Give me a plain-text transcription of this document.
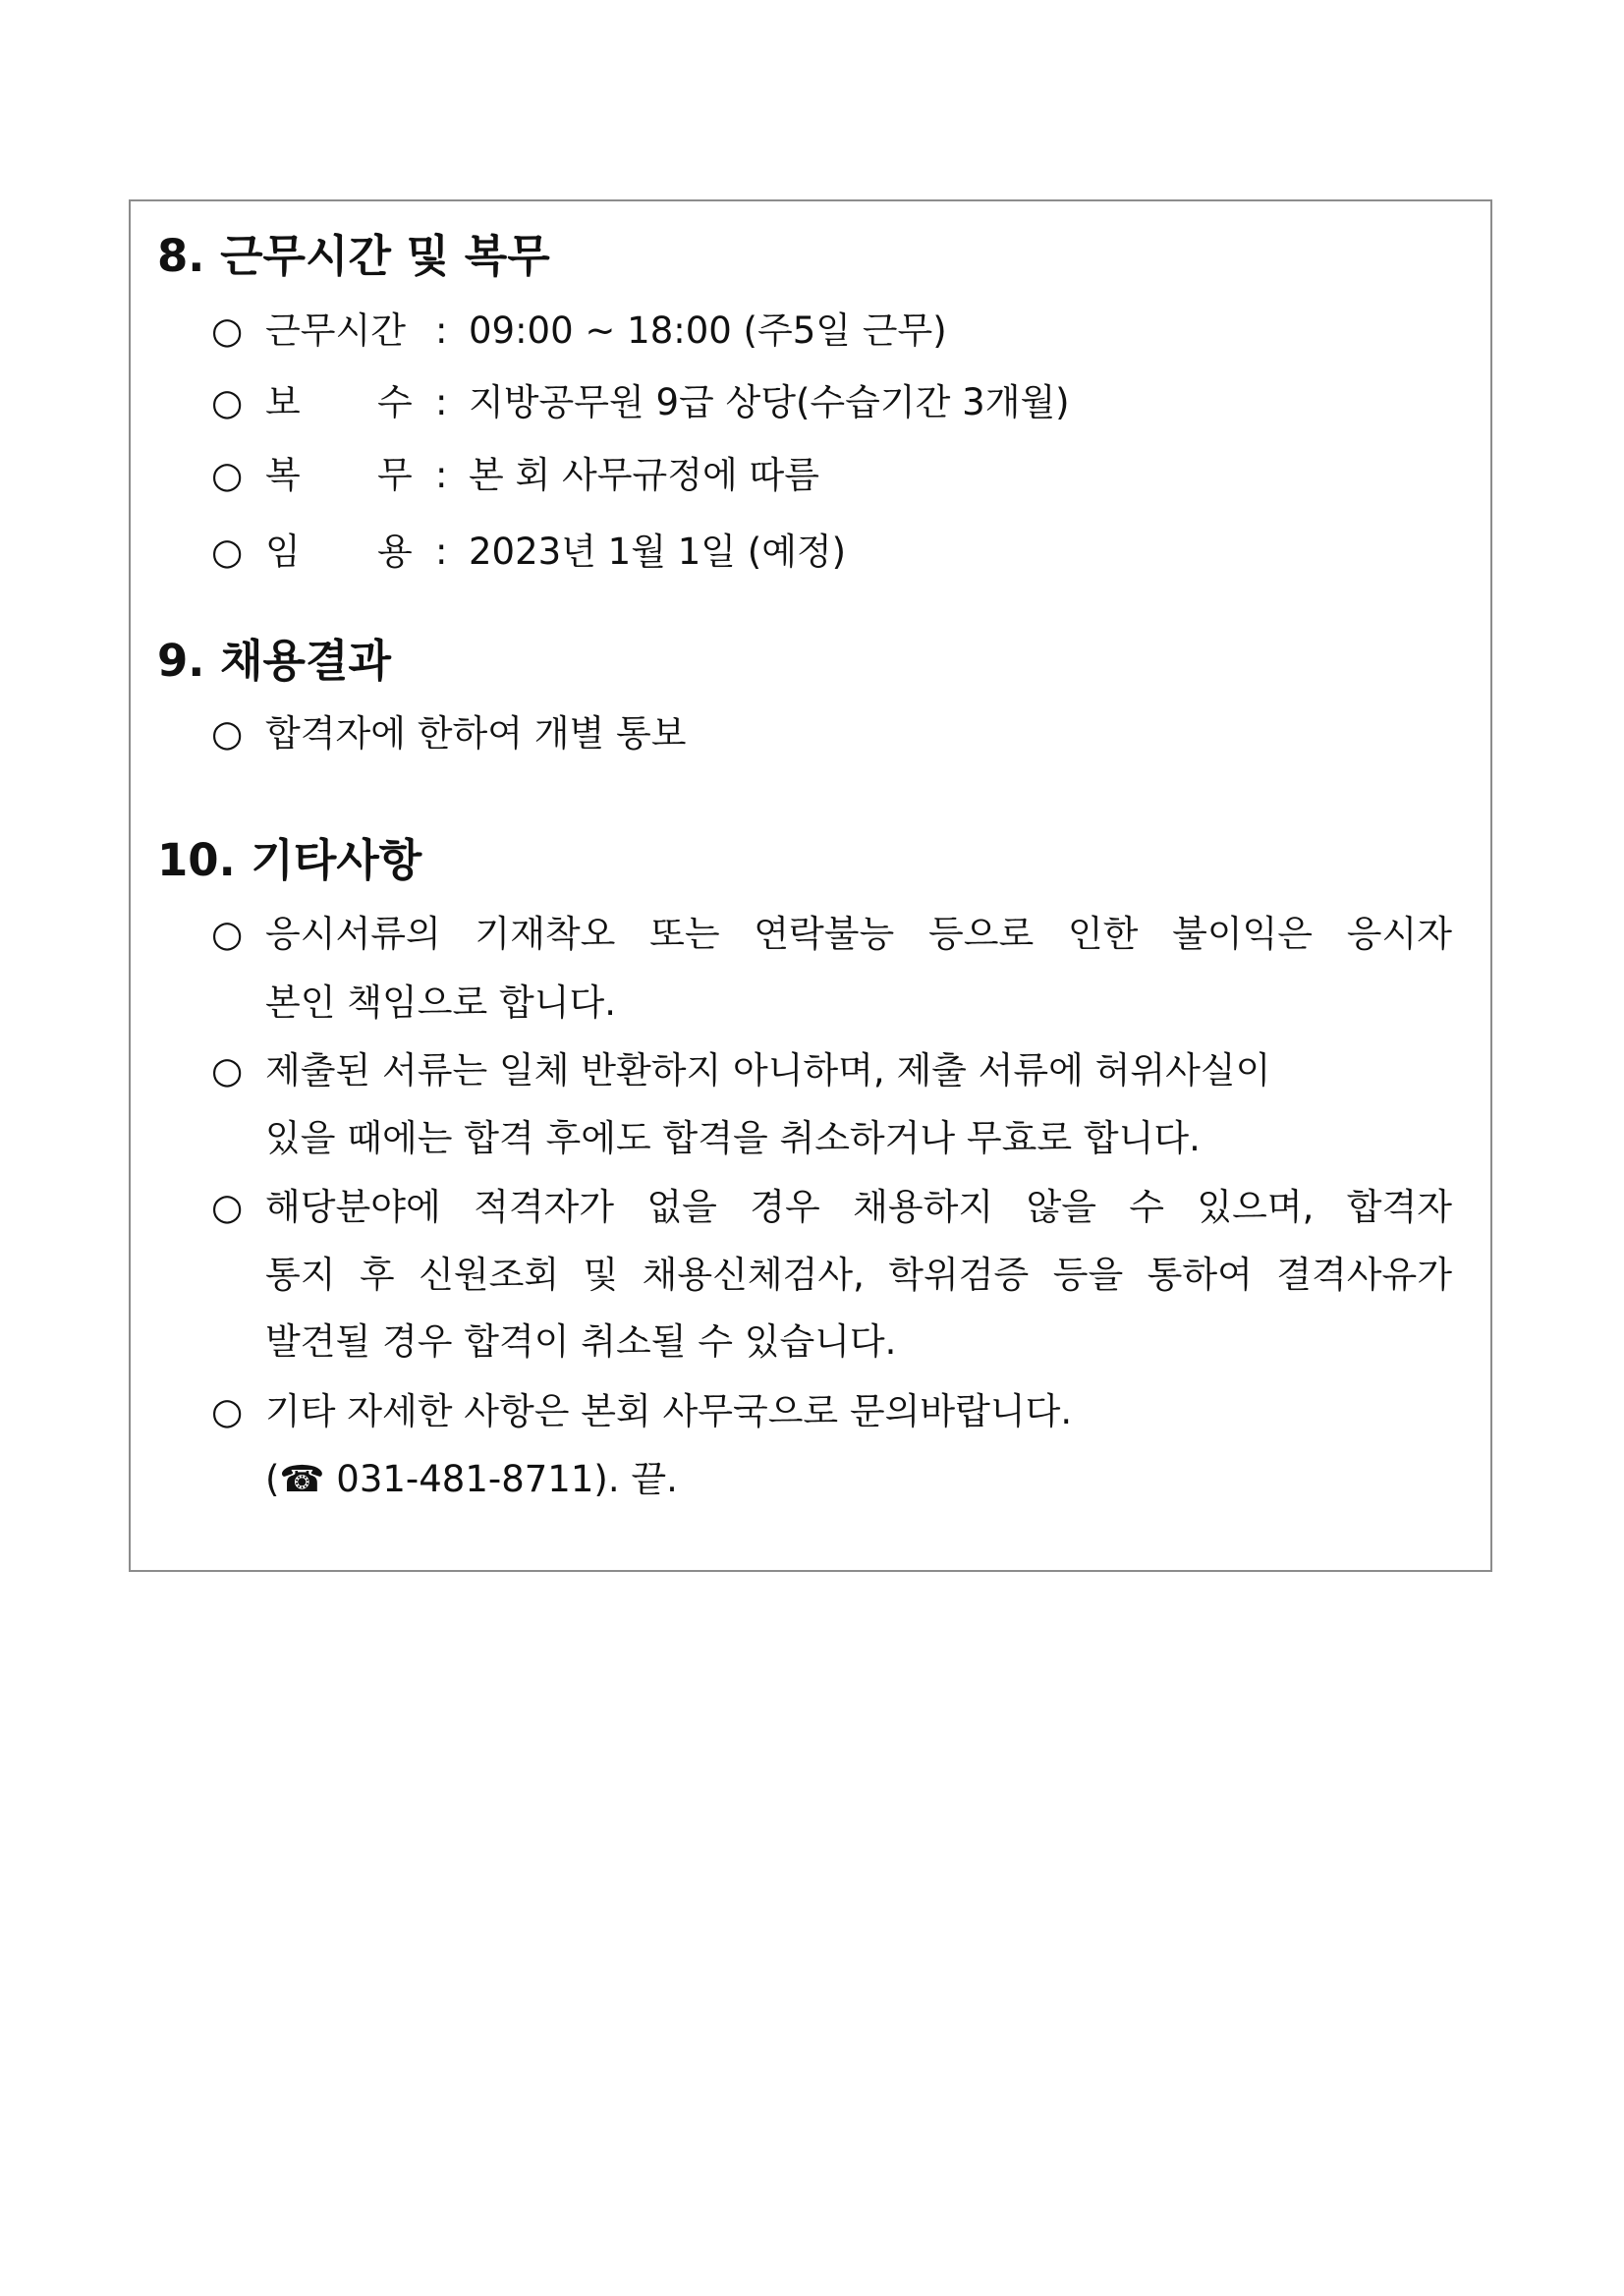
8. 근무시간 및 복무
○ 근무시간 : 09:00 ~ 18:00 (주5일 근무)
○ 보 수 : 지방공무원 9급 상당(수습기간 3개월)
○ 복 무 : 본 회 사무규정에 따름
○ 임 용 : 2023년 1월 1일 (예정)
9. 채용결과
○ 합격자에 한하여 개별 통보
10. 기타사항
○ 응시서류의 기재착오 또는 연락불능 등으로 인한 불이익은 응시자
본인 책임으로 합니다.
○ 제출된 서류는 일체 반환하지 아니하며, 제출 서류에 허위사실이
있을 때에는 합격 후에도 합격을 취소하거나 무효로 합니다.
○ 해당분야에 적격자가 없을 경우 채용하지 않을 수 있으며, 합격자
통지 후 신원조회 및 채용신체검사, 학위검증 등을 통하여 결격사유가
발견될 경우 합격이 취소될 수 있습니다.
○ 기타 자세한 사항은 본회 사무국으로 문의바랍니다.
(☎ 031-481-8711). 끝.
